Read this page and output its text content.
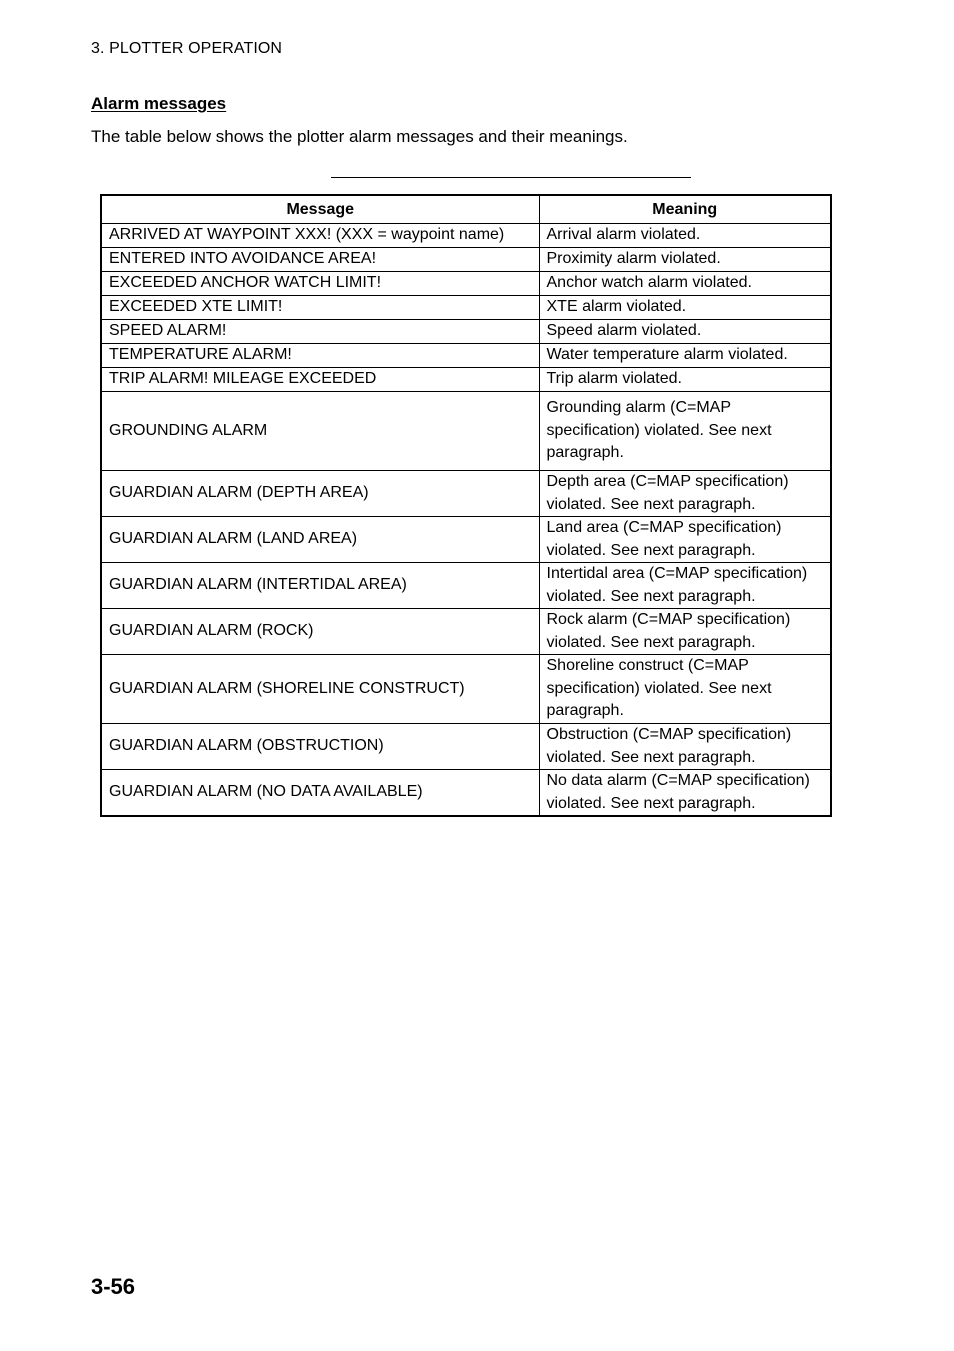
3. PLOTTER OPERATION
Alarm messages
The table below shows the plotter alarm messages and their meanings.
Message	Meaning
ARRIVED AT WAYPOINT XXX! (XXX = waypoint name)	Arrival alarm violated.
ENTERED INTO AVOIDANCE AREA!	Proximity alarm violated.
EXCEEDED ANCHOR WATCH LIMIT!	Anchor watch alarm violated.
EXCEEDED XTE LIMIT!	XTE alarm violated.
SPEED ALARM!	Speed alarm violated.
TEMPERATURE ALARM!	Water temperature alarm violated.
TRIP ALARM! MILEAGE EXCEEDED	Trip alarm violated.
GROUNDING ALARM	Grounding alarm (C=MAP specification) violated. See next paragraph.
GUARDIAN ALARM (DEPTH AREA)	Depth area (C=MAP specification) violated. See next paragraph.
GUARDIAN ALARM (LAND AREA)	Land area (C=MAP specification) violated. See next paragraph.
GUARDIAN ALARM (INTERTIDAL AREA)	Intertidal area (C=MAP specification) violated. See next paragraph.
GUARDIAN ALARM (ROCK)	Rock alarm (C=MAP specification) violated. See next paragraph.
GUARDIAN ALARM (SHORELINE CONSTRUCT)	Shoreline construct (C=MAP specification) violated. See next paragraph.
GUARDIAN ALARM (OBSTRUCTION)	Obstruction (C=MAP specification) violated. See next paragraph.
GUARDIAN ALARM (NO DATA AVAILABLE)	No data alarm (C=MAP specification) violated. See next paragraph.
3-56
